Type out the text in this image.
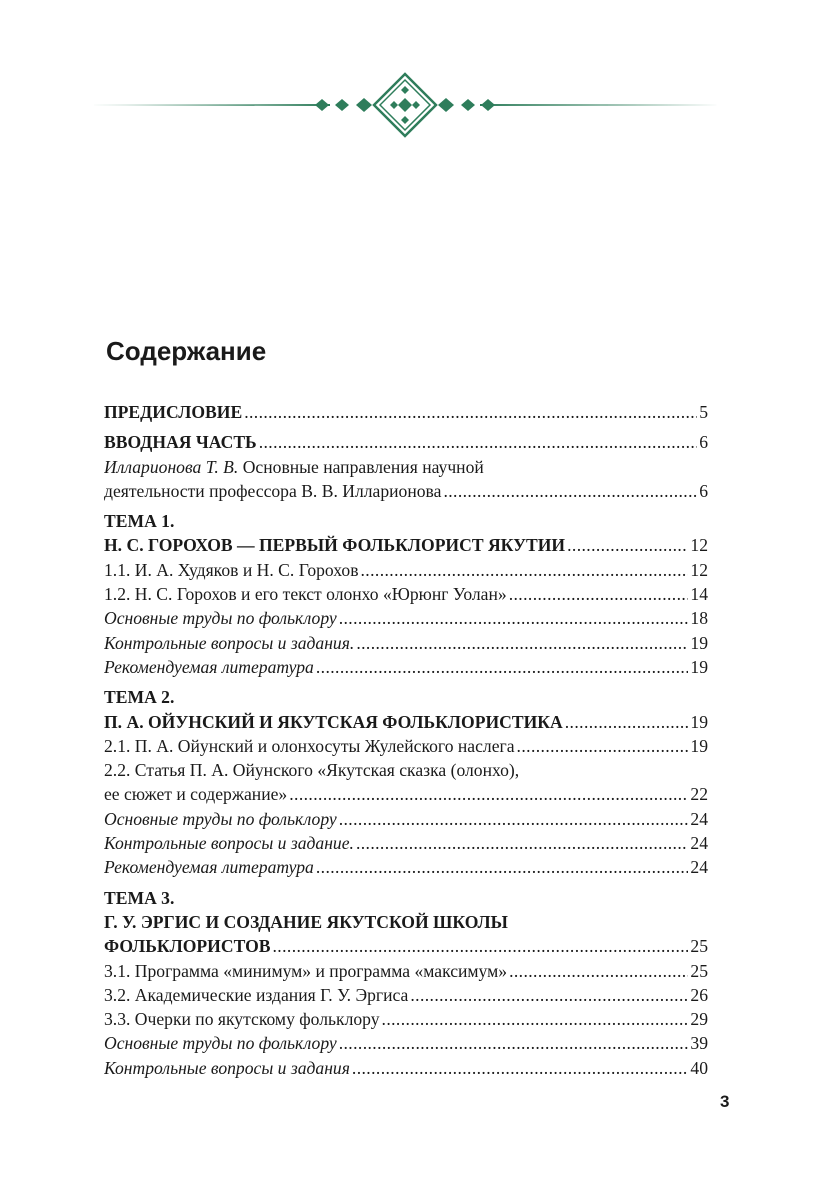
Содержание
ПРЕДИСЛОВИЕ . . .	5
ВВОДНАЯ ЧАСТЬ . . .	6
Илларионова Т. В. Основные направления научной
деятельности профессора В. В. Илларионова . . .	6
ТЕМА 1.
Н. С. ГОРОХОВ — ПЕРВЫЙ ФОЛЬКЛОРИСТ ЯКУТИИ . . .	12
1.1. И. А. Худяков и Н. С. Горохов . . .	12
1.2. Н. С. Горохов и его текст олонхо «Юрюнг Уолан» . . .	14
Основные труды по фольклору . . .	18
Контрольные вопросы и задания. . . .	19
Рекомендуемая литература . . .	19
ТЕМА 2.
П. А. ОЙУНСКИЙ И ЯКУТСКАЯ ФОЛЬКЛОРИСТИКА . . .	19
2.1. П. А. Ойунский и олонхосуты Жулейского наслега . . .	19
2.2. Статья П. А. Ойунского «Якутская сказка (олонхо),
ее сюжет и содержание» . . .	22
Основные труды по фольклору . . .	24
Контрольные вопросы и задание. . . .	24
Рекомендуемая литература . . .	24
ТЕМА 3.
Г. У. ЭРГИС И СОЗДАНИЕ ЯКУТСКОЙ ШКОЛЫ
ФОЛЬКЛОРИСТОВ . . .	25
3.1. Программа «минимум» и программа «максимум» . . .	25
3.2. Академические издания Г. У. Эргиса . . .	26
3.3. Очерки по якутскому фольклору . . .	29
Основные труды по фольклору . . .	39
Контрольные вопросы и задания . . .	40
3
